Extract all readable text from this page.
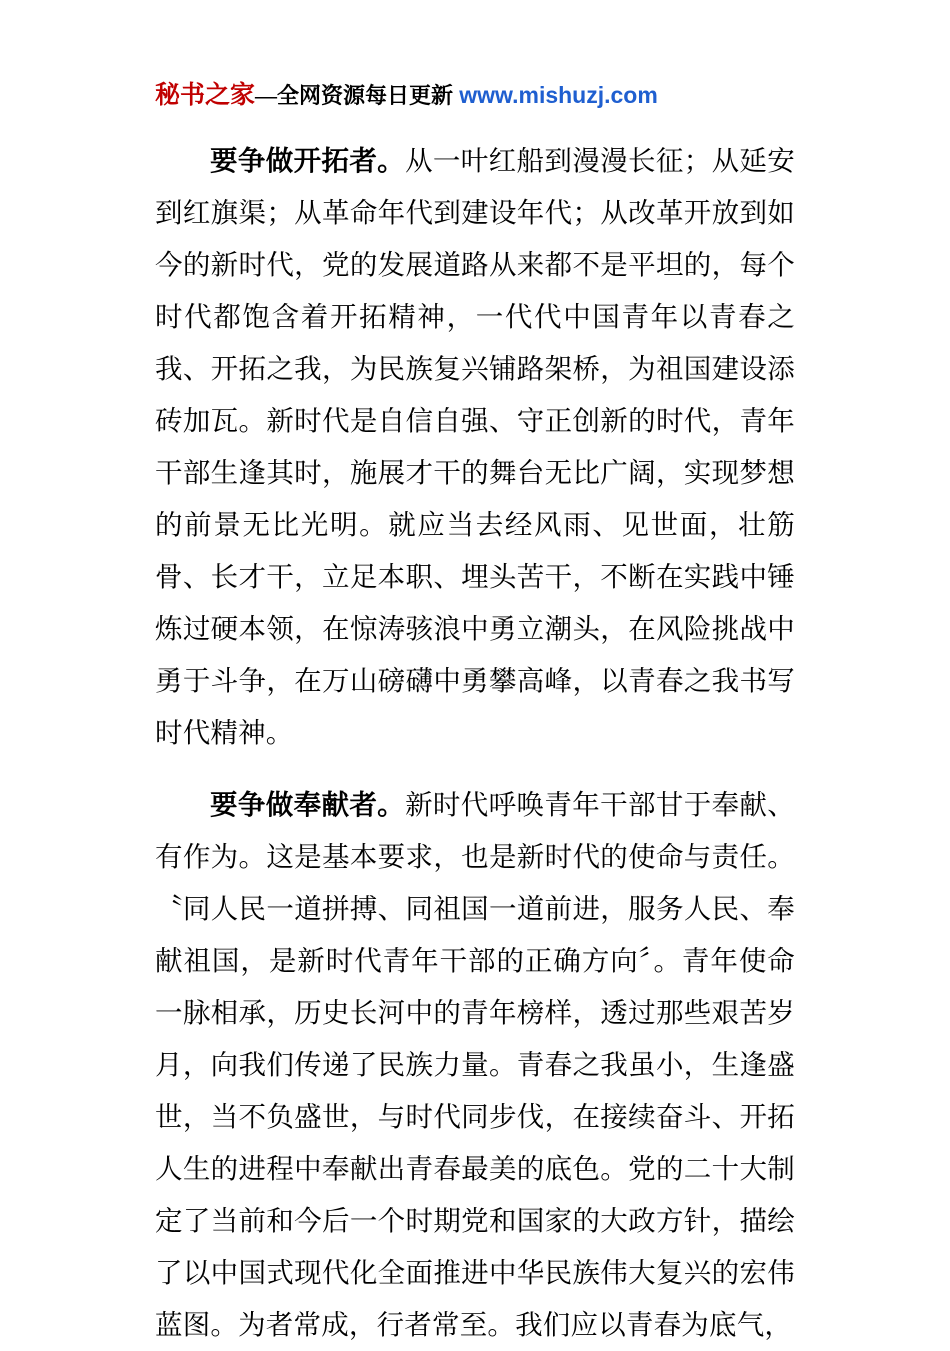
秘书之家—全网资源每日更新 www.mishuzj.com

要争做开拓者。从一叶红船到漫漫长征；从延安到红旗渠；从革命年代到建设年代；从改革开放到如今的新时代，党的发展道路从来都不是平坦的，每个时代都饱含着开拓精神，一代代中国青年以青春之我、开拓之我，为民族复兴铺路架桥，为祖国建设添砖加瓦。新时代是自信自强、守正创新的时代，青年干部生逢其时，施展才干的舞台无比广阔，实现梦想的前景无比光明。就应当去经风雨、见世面，壮筋骨、长才干，立足本职、埋头苦干，不断在实践中锤炼过硬本领，在惊涛骇浪中勇立潮头，在风险挑战中勇于斗争，在万山磅礴中勇攀高峰，以青春之我书写时代精神。

要争做奉献者。新时代呼唤青年干部甘于奉献、有作为。这是基本要求，也是新时代的使命与责任。〝同人民一道拼搏、同祖国一道前进，服务人民、奉献祖国，是新时代青年干部的正确方向〞。青年使命一脉相承，历史长河中的青年榜样，透过那些艰苦岁月，向我们传递了民族力量。青春之我虽小，生逢盛世，当不负盛世，与时代同步伐，在接续奋斗、开拓人生的进程中奉献出青春最美的底色。党的二十大制定了当前和今后一个时期党和国家的大政方针，描绘了以中国式现代化全面推进中华民族伟大复兴的宏伟蓝图。为者常成，行者常至。我们应以青春为底气，
